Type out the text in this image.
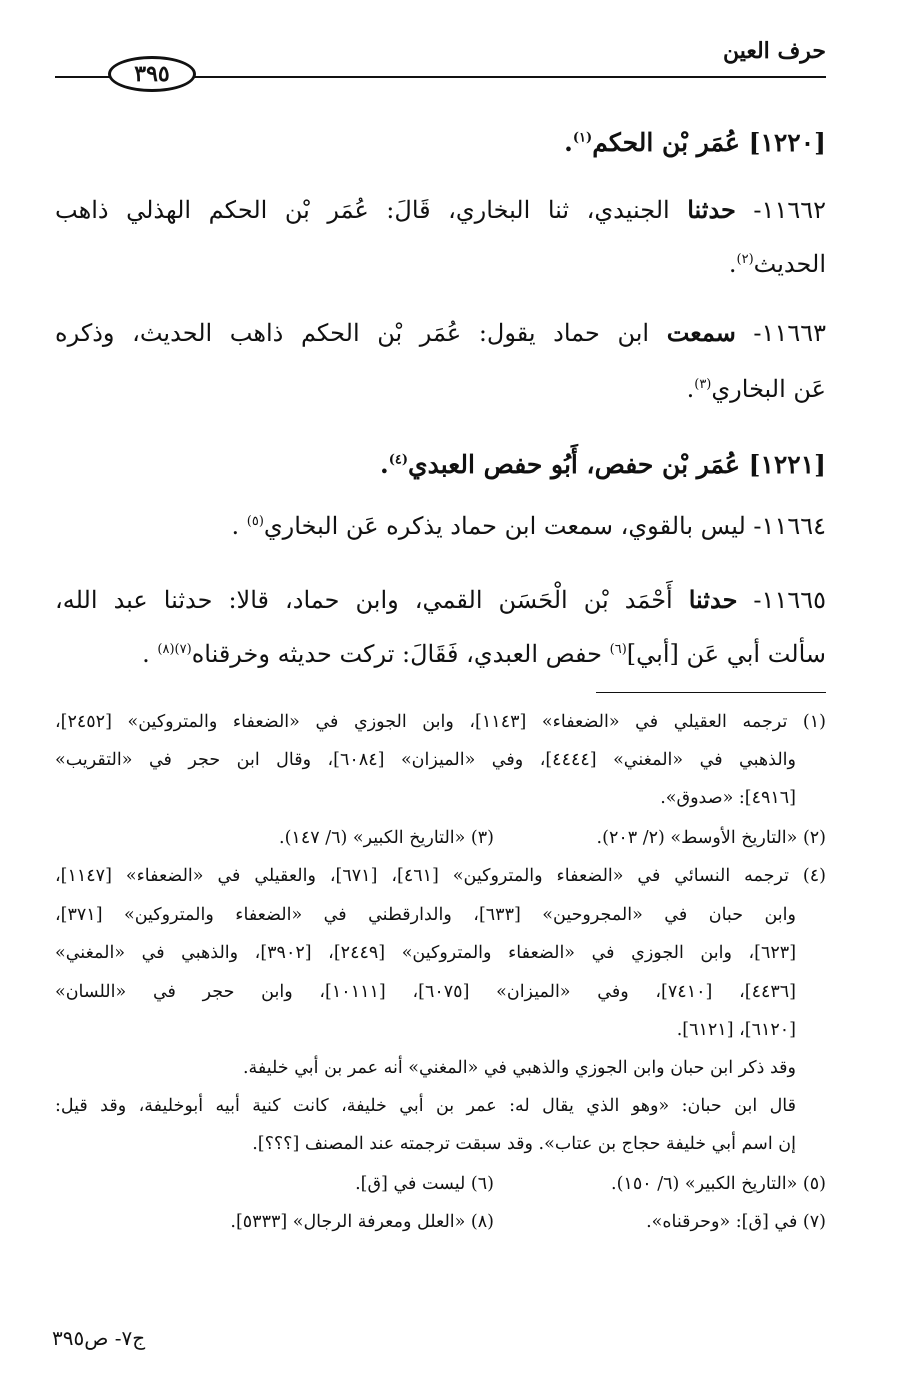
حرف العين
٣٩٥
[١٢٢٠] عُمَر بْن الحكم$^{(١)}$.
١١٦٦٢- حدثنا الجنيدي، ثنا البخاري، قَالَ: عُمَر بْن الحكم الهذلي ذاهب
الحديث$^{(٢)}$.
١١٦٦٣- سمعت ابن حماد يقول: عُمَر بْن الحكم ذاهب الحديث، وذكره
عَن البخاري$^{(٣)}$.
[١٢٢١] عُمَر بْن حفص، أَبُو حفص العبدي$^{(٤)}$.
١١٦٦٤- ليس بالقوي، سمعت ابن حماد يذكره عَن البخاري$^{(٥)}$ .
١١٦٦٥- حدثنا أَحْمَد بْن الْحَسَن القمي، وابن حماد، قالا: حدثنا عبد الله،
سألت أبي عَن [أبي]$^{(٦)}$ حفص العبدي، فَقَالَ: تركت حديثه وخرقناه$^{(٧)(٨)}$ .
(١) ترجمه العقيلي في «الضعفاء» [١١٤٣]، وابن الجوزي في «الضعفاء والمتروكين» [٢٤٥٢]،
والذهبي في «المغني» [٤٤٤٤]، وفي «الميزان» [٦٠٨٤]، وقال ابن حجر في «التقريب»
[٤٩١٦]: «صدوق».
(٢) «التاريخ الأوسط» (٢/ ٢٠٣).
(٣) «التاريخ الكبير» (٦/ ١٤٧).
(٤) ترجمه النسائي في «الضعفاء والمتروكين» [٤٦١]، [٦٧١]، والعقيلي في «الضعفاء» [١١٤٧]،
وابن حبان في «المجروحين» [٦٣٣]، والدارقطني في «الضعفاء والمتروكين» [٣٧١]،
[٦٢٣]، وابن الجوزي في «الضعفاء والمتروكين» [٢٤٤٩]، [٣٩٠٢]، والذهبي في «المغني»
[٤٤٣٦]، [٧٤١٠]، وفي «الميزان» [٦٠٧٥]، [١٠١١١]، وابن حجر في «اللسان»
[٦١٢٠]، [٦١٢١].
وقد ذكر ابن حبان وابن الجوزي والذهبي في «المغني» أنه عمر بن أبي خليفة.
قال ابن حبان: «وهو الذي يقال له: عمر بن أبي خليفة، كانت كنية أبيه أبوخليفة، وقد قيل:
إن اسم أبي خليفة حجاج بن عتاب». وقد سبقت ترجمته عند المصنف [؟؟؟].
(٥) «التاريخ الكبير» (٦/ ١٥٠).
(٦) ليست في [ق].
(٧) في [ق]: «وحرقناه».
(٨) «العلل ومعرفة الرجال» [٥٣٣٣].
ج٧- ص٣٩٥
